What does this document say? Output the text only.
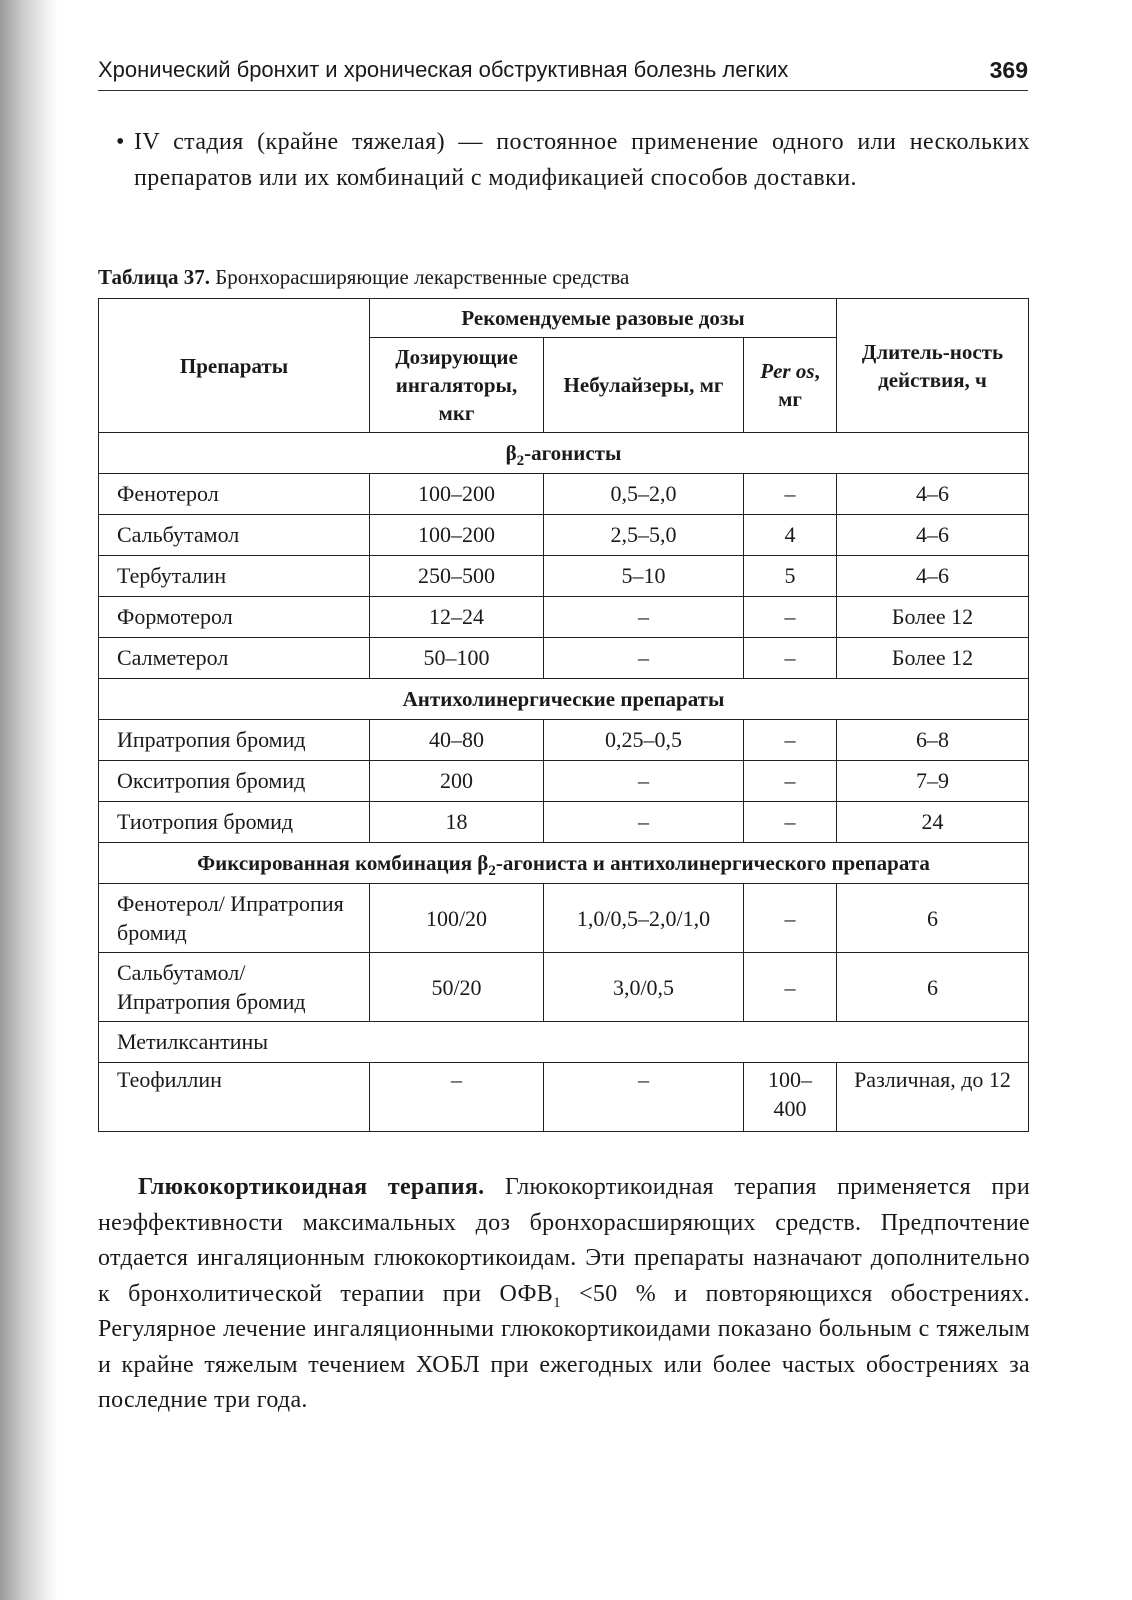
Хронический бронхит и хроническая обструктивная болезнь легких	369
• IV стадия (крайне тяжелая) — постоянное применение одного или нескольких препаратов или их комбинаций с модификацией способов доставки.
Таблица 37. Бронхорасширяющие лекарственные средства
Препараты	Рекомендуемые разовые дозы			Длитель-ность действия, ч
	Дозирующие ингаляторы, мкг	Небулайзеры, мг	Per os, мг	
$\beta_2$-агонисты				
Фенотерол	100–200	0,5–2,0	–	4–6
Сальбутамол	100–200	2,5–5,0	4	4–6
Тербуталин	250–500	5–10	5	4–6
Формотерол	12–24	–	–	Более 12
Салметерол	50–100	–	–	Более 12
Антихолинергические препараты				
Ипратропия бромид	40–80	0,25–0,5	–	6–8
Окситропия бромид	200	–	–	7–9
Тиотропия бромид	18	–	–	24
Фиксированная комбинация $\beta_2$-агониста и антихолинергического препарата				
Фенотерол/ Ипратропия бромид	100/20	1,0/0,5–2,0/1,0	–	6
Сальбутамол/ Ипратропия бромид	50/20	3,0/0,5	–	6
Метилксантины				
Теофиллин	–	–	100–400	Различная, до 12
Глюкокортикоидная терапия. Глюкокортикоидная терапия применяется при неэффективности максимальных доз бронхорасширяющих средств. Предпочтение отдается ингаляционным глюкокортикоидам. Эти препараты назначают дополнительно к бронхолитической терапии при $ОФВ_1 <50$ % и повторяющихся обострениях. Регулярное лечение ингаляционными глюкокортикоидами показано больным с тяжелым и крайне тяжелым течением ХОБЛ при ежегодных или более частых обострениях за последние три года.
